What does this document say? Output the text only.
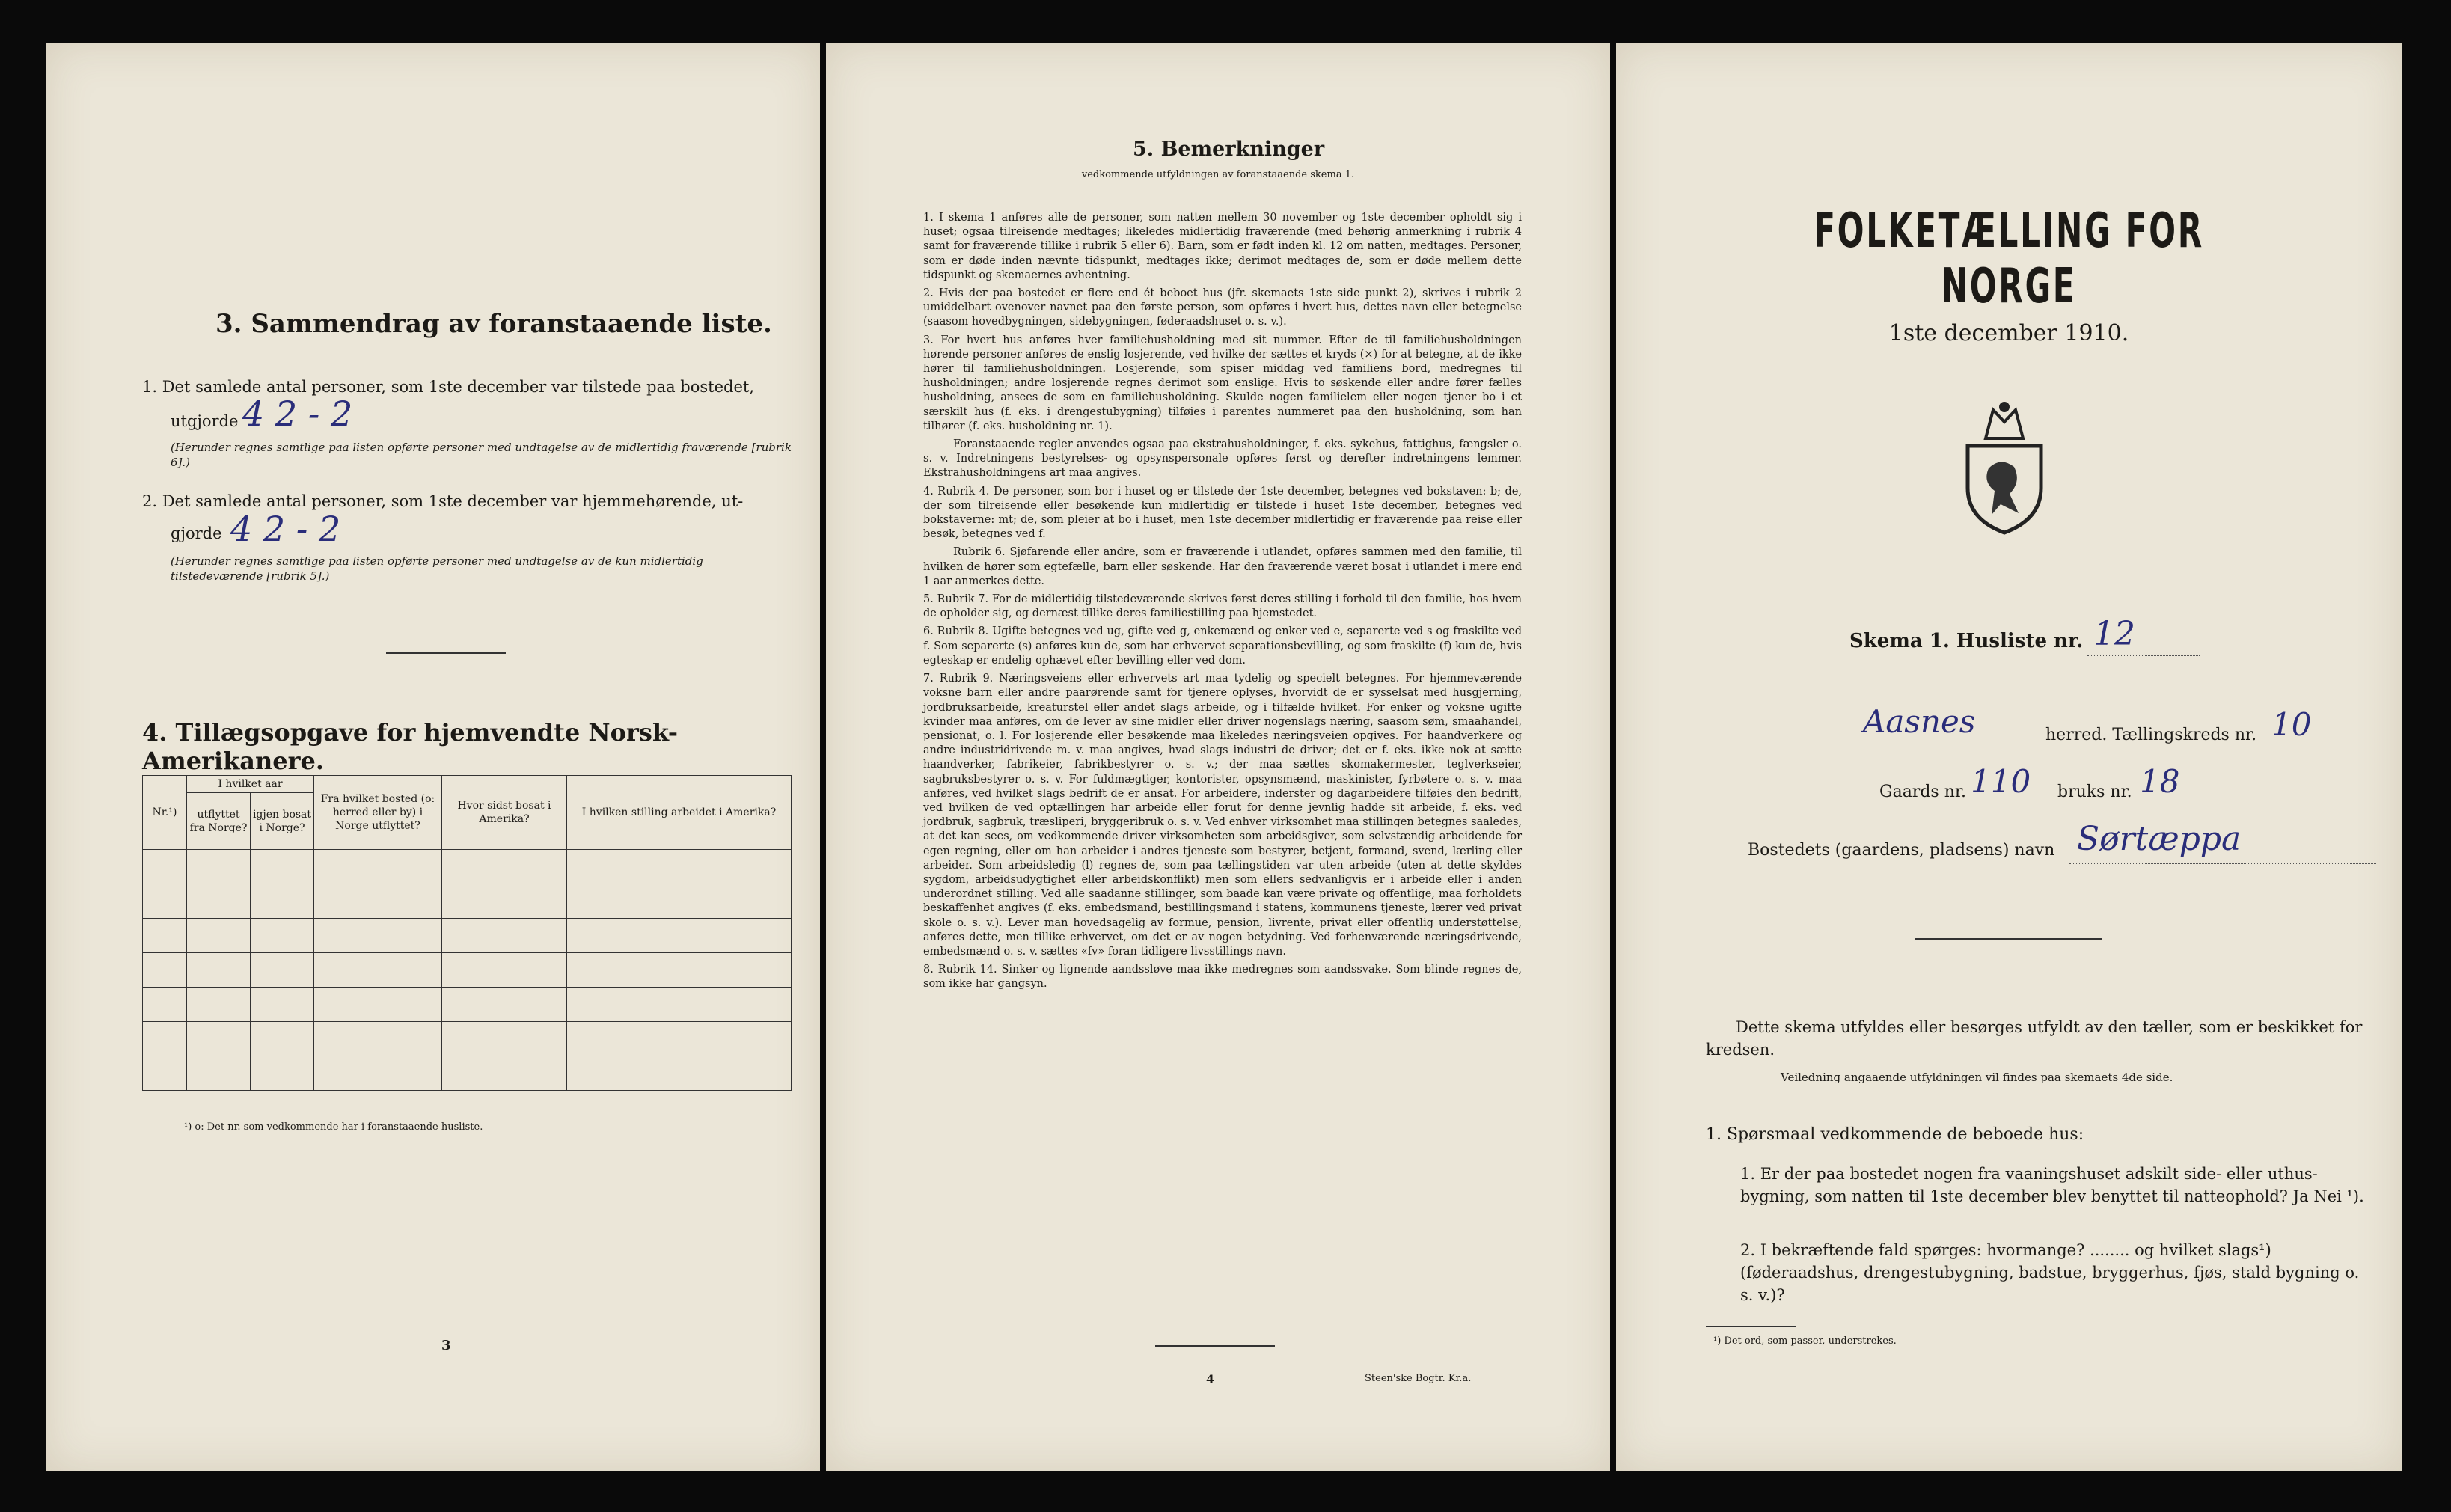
3. Sammendrag av foranstaaende liste.
1. Det samlede antal personer, som 1ste december var tilstede paa bostedet,
utgjorde 4 2 - 2
(Herunder regnes samtlige paa listen opførte personer med undtagelse av de midlertidig fraværende [rubrik 6].)
2. Det samlede antal personer, som 1ste december var hjemmehørende, ut-
gjorde 4 2 - 2
(Herunder regnes samtlige paa listen opførte personer med undtagelse av de kun midlertidig tilstedeværende [rubrik 5].)
4. Tillægsopgave for hjemvendte Norsk-Amerikanere.
Nr.¹)	I hvilket aar		Fra hvilket bosted (o: herred eller by) i Norge utflyttet?	Hvor sidst bosat i Amerika?	I hvilken stilling arbeidet i Amerika?
	utflyttet fra Norge?	igjen bosat i Norge?			

¹) o: Det nr. som vedkommende har i foranstaaende husliste.
3
5. Bemerkninger
vedkommende utfyldningen av foranstaaende skema 1.

1. I skema 1 anføres alle de personer, som natten mellem 30 november og 1ste december opholdt sig i huset; ogsaa tilreisende medtages; likeledes midlertidig fraværende (med behørig anmerkning i rubrik 4 samt for fraværende tillike i rubrik 5 eller 6). Barn, som er født inden kl. 12 om natten, medtages. Personer, som er døde inden nævnte tidspunkt, medtages ikke; derimot medtages de, som er døde mellem dette tidspunkt og skemaernes avhentning.

2. Hvis der paa bostedet er flere end ét beboet hus (jfr. skemaets 1ste side punkt 2), skrives i rubrik 2 umiddelbart ovenover navnet paa den første person, som opføres i hvert hus, dettes navn eller betegnelse (saasom hovedbygningen, sidebygningen, føderaadshuset o. s. v.).

3. For hvert hus anføres hver familiehusholdning med sit nummer. Efter de til familiehusholdningen hørende personer anføres de enslig losjerende, ved hvilke der sættes et kryds (×) for at betegne, at de ikke hører til familiehusholdningen. Losjerende, som spiser middag ved familiens bord, medregnes til husholdningen; andre losjerende regnes derimot som enslige. Hvis to søskende eller andre fører fælles husholdning, ansees de som en familiehusholdning. Skulde nogen familielem eller nogen tjener bo i et særskilt hus (f. eks. i drengestubygning) tilføies i parentes nummeret paa den husholdning, som han tilhører (f. eks. husholdning nr. 1).

Foranstaaende regler anvendes ogsaa paa ekstrahusholdninger, f. eks. sykehus, fattighus, fængsler o. s. v. Indretningens bestyrelses- og opsynspersonale opføres først og derefter indretningens lemmer. Ekstrahusholdningens art maa angives.

4. Rubrik 4. De personer, som bor i huset og er tilstede der 1ste december, betegnes ved bokstaven: b; de, der som tilreisende eller besøkende kun midlertidig er tilstede i huset 1ste december, betegnes ved bokstaverne: mt; de, som pleier at bo i huset, men 1ste december midlertidig er fraværende paa reise eller besøk, betegnes ved f.

Rubrik 6. Sjøfarende eller andre, som er fraværende i utlandet, opføres sammen med den familie, til hvilken de hører som egtefælle, barn eller søskende. Har den fraværende været bosat i utlandet i mere end 1 aar anmerkes dette.

5. Rubrik 7. For de midlertidig tilstedeværende skrives først deres stilling i forhold til den familie, hos hvem de opholder sig, og dernæst tillike deres familiestilling paa hjemstedet.

6. Rubrik 8. Ugifte betegnes ved ug, gifte ved g, enkemænd og enker ved e, separerte ved s og fraskilte ved f. Som separerte (s) anføres kun de, som har erhvervet separationsbevilling, og som fraskilte (f) kun de, hvis egteskap er endelig ophævet efter bevilling eller ved dom.

7. Rubrik 9. Næringsveiens eller erhvervets art maa tydelig og specielt betegnes. For hjemmeværende voksne barn eller andre paarørende samt for tjenere oplyses, hvorvidt de er sysselsat med husgjerning, jordbruksarbeide, kreaturstel eller andet slags arbeide, og i tilfælde hvilket. For enker og voksne ugifte kvinder maa anføres, om de lever av sine midler eller driver nogenslags næring, saasom søm, smaahandel, pensionat, o. l. For losjerende eller besøkende maa likeledes næringsveien opgives. For haandverkere og andre industridrivende m. v. maa angives, hvad slags industri de driver; det er f. eks. ikke nok at sætte haandverker, fabrikeier, fabrikbestyrer o. s. v.; der maa sættes skomakermester, teglverkseier, sagbruksbestyrer o. s. v. For fuldmægtiger, kontorister, opsynsmænd, maskinister, fyrbøtere o. s. v. maa anføres, ved hvilket slags bedrift de er ansat. For arbeidere, inderster og dagarbeidere tilføies den bedrift, ved hvilken de ved optællingen har arbeide eller forut for denne jevnlig hadde sit arbeide, f. eks. ved jordbruk, sagbruk, træsliperi, bryggeribruk o. s. v. Ved enhver virksomhet maa stillingen betegnes saaledes, at det kan sees, om vedkommende driver virksomheten som arbeidsgiver, som selvstændig arbeidende for egen regning, eller om han arbeider i andres tjeneste som bestyrer, betjent, formand, svend, lærling eller arbeider. Som arbeidsledig (l) regnes de, som paa tællingstiden var uten arbeide (uten at dette skyldes sygdom, arbeidsudygtighet eller arbeidskonflikt) men som ellers sedvanligvis er i arbeide eller i anden underordnet stilling. Ved alle saadanne stillinger, som baade kan være private og offentlige, maa forholdets beskaffenhet angives (f. eks. embedsmand, bestillingsmand i statens, kommunens tjeneste, lærer ved privat skole o. s. v.). Lever man hovedsagelig av formue, pension, livrente, privat eller offentlig understøttelse, anføres dette, men tillike erhvervet, om det er av nogen betydning. Ved forhenværende næringsdrivende, embedsmænd o. s. v. sættes «fv» foran tidligere livsstillings navn.

8. Rubrik 14. Sinker og lignende aandssløve maa ikke medregnes som aandssvake. Som blinde regnes de, som ikke har gangsyn.

4	Steen'ske Bogtr. Kr.a.
FOLKETÆLLING FOR NORGE
1ste december 1910.
Skema 1. Husliste nr. 12
Aasnes	herred. Tællingskreds nr. 10
Gaards nr. 110 bruks nr. 18
Bostedets (gaardens, pladsens) navn Sørtæppa
Dette skema utfyldes eller besørges utfyldt av den tæller, som er beskikket for kredsen.
Veiledning angaaende utfyldningen vil findes paa skemaets 4de side.
1. Spørsmaal vedkommende de beboede hus:
1. Er der paa bostedet nogen fra vaaningshuset adskilt side- eller uthus-bygning, som natten til 1ste december blev benyttet til natteophold? Ja Nei ¹).
2. I bekræftende fald spørges: hvormange? ........ og hvilket slags¹) (føderaadshus, drengestubygning, badstue, bryggerhus, fjøs, stald bygning o. s. v.)?
¹) Det ord, som passer, understrekes.
